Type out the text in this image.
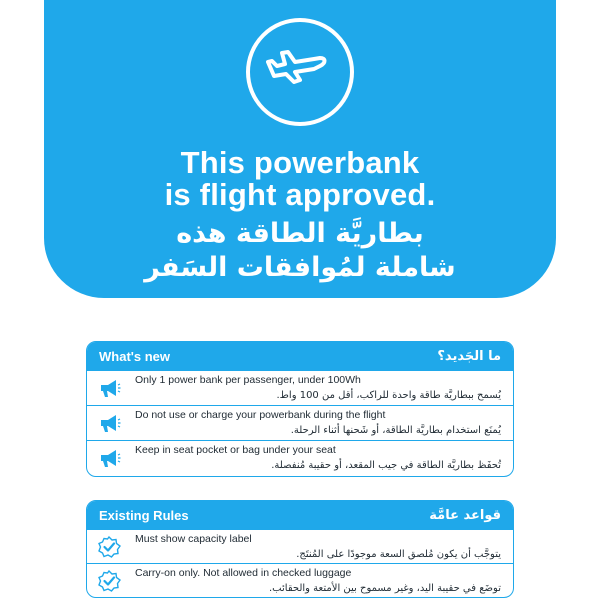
This powerbank
is flight approved.
بطاريَّة الطاقة هذه
شاملة لمُوافقات السَفر
What's new	ما الجَديد؟
Only 1 power bank per passenger, under 100Wh
يُسمح ببطاريَّة طاقة واحدة للراكب، أقل من 100 واط.
Do not use or charge your powerbank during the flight
يُمنَع استخدام بطاريَّة الطاقة، أو شَحنها أثناء الرحلة.
Keep in seat pocket or bag under your seat
تُحفَظ بطاريَّة الطاقة في جيب المقعد، أو حقيبة مُنفصلة.
Existing Rules	قواعد عامَّة
Must show capacity label
يتوجَّب أن يكون مُلصق السعة موجودًا على المُنتَج.
Carry-on only. Not allowed in checked luggage
توضَع في حقيبة اليد، وغير مسموح بين الأمتعة والحقائب.
